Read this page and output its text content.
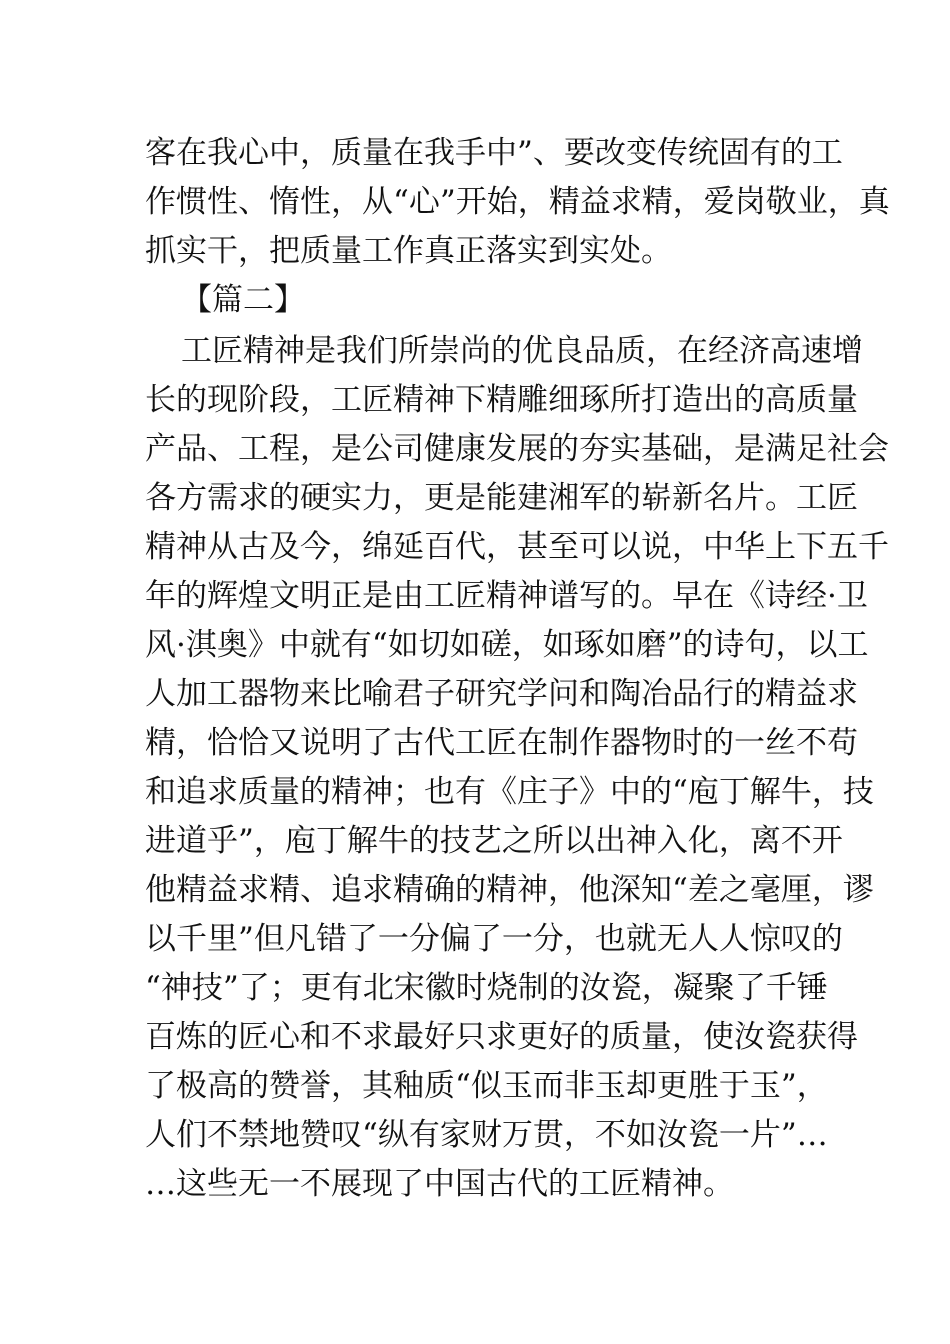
客在我心中，质量在我手中”、要改变传统固有的工

作惯性、惰性，从“心”开始，精益求精，爱岗敬业，真

抓实干，把质量工作真正落实到实处。

【篇二】

工匠精神是我们所崇尚的优良品质，在经济高速增

长的现阶段，工匠精神下精雕细琢所打造出的高质量

产品、工程，是公司健康发展的夯实基础，是满足社会

各方需求的硬实力，更是能建湘军的崭新名片。工匠

精神从古及今，绵延百代，甚至可以说，中华上下五千

年的辉煌文明正是由工匠精神谱写的。早在《诗经·卫

风·淇奥》中就有“如切如磋，如琢如磨”的诗句，以工

人加工器物来比喻君子研究学问和陶冶品行的精益求

精，恰恰又说明了古代工匠在制作器物时的一丝不苟

和追求质量的精神；也有《庄子》中的“庖丁解牛，技

进道乎”，庖丁解牛的技艺之所以出神入化，离不开

他精益求精、追求精确的精神，他深知“差之毫厘，谬

以千里”但凡错了一分偏了一分，也就无人人惊叹的

“神技”了；更有北宋徽时烧制的汝瓷，凝聚了千锤

百炼的匠心和不求最好只求更好的质量，使汝瓷获得

了极高的赞誉，其釉质“似玉而非玉却更胜于玉”，

人们不禁地赞叹“纵有家财万贯，不如汝瓷一片”…

…这些无一不展现了中国古代的工匠精神。
